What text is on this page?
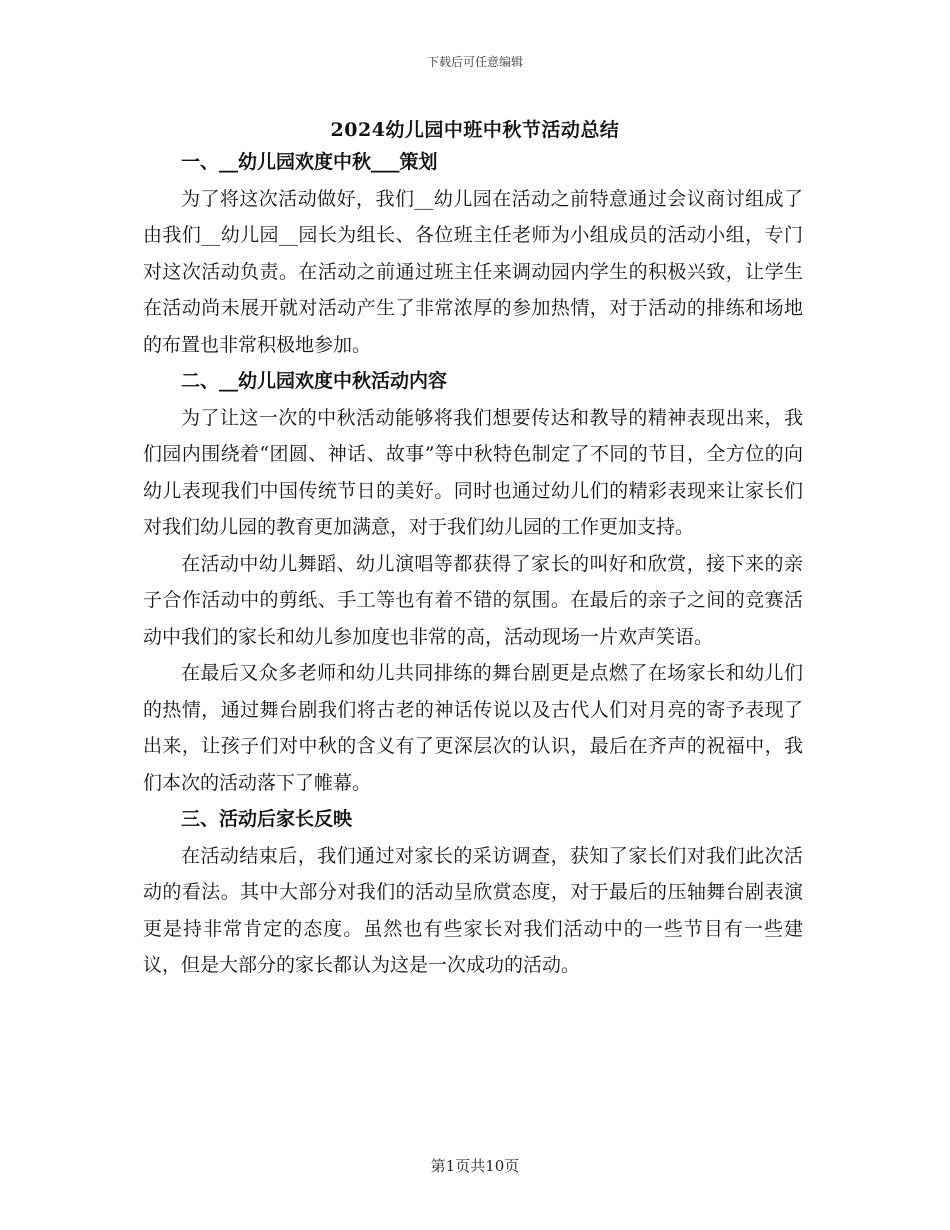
下载后可任意编辑
2024幼儿园中班中秋节活动总结
一、__幼儿园欢度中秋___策划

为了将这次活动做好，我们__幼儿园在活动之前特意通过会议商讨组成了由我们__幼儿园__园长为组长、各位班主任老师为小组成员的活动小组，专门对这次活动负责。在活动之前通过班主任来调动园内学生的积极兴致，让学生在活动尚未展开就对活动产生了非常浓厚的参加热情，对于活动的排练和场地的布置也非常积极地参加。

二、__幼儿园欢度中秋活动内容

为了让这一次的中秋活动能够将我们想要传达和教导的精神表现出来，我们园内围绕着“团圆、神话、故事”等中秋特色制定了不同的节目，全方位的向幼儿表现我们中国传统节日的美好。同时也通过幼儿们的精彩表现来让家长们对我们幼儿园的教育更加满意，对于我们幼儿园的工作更加支持。

在活动中幼儿舞蹈、幼儿演唱等都获得了家长的叫好和欣赏，接下来的亲子合作活动中的剪纸、手工等也有着不错的氛围。在最后的亲子之间的竞赛活动中我们的家长和幼儿参加度也非常的高，活动现场一片欢声笑语。

在最后又众多老师和幼儿共同排练的舞台剧更是点燃了在场家长和幼儿们的热情，通过舞台剧我们将古老的神话传说以及古代人们对月亮的寄予表现了出来，让孩子们对中秋的含义有了更深层次的认识，最后在齐声的祝福中，我们本次的活动落下了帷幕。

三、活动后家长反映

在活动结束后，我们通过对家长的采访调查，获知了家长们对我们此次活动的看法。其中大部分对我们的活动呈欣赏态度，对于最后的压轴舞台剧表演更是持非常肯定的态度。虽然也有些家长对我们活动中的一些节目有一些建议，但是大部分的家长都认为这是一次成功的活动。

第1页共10页
